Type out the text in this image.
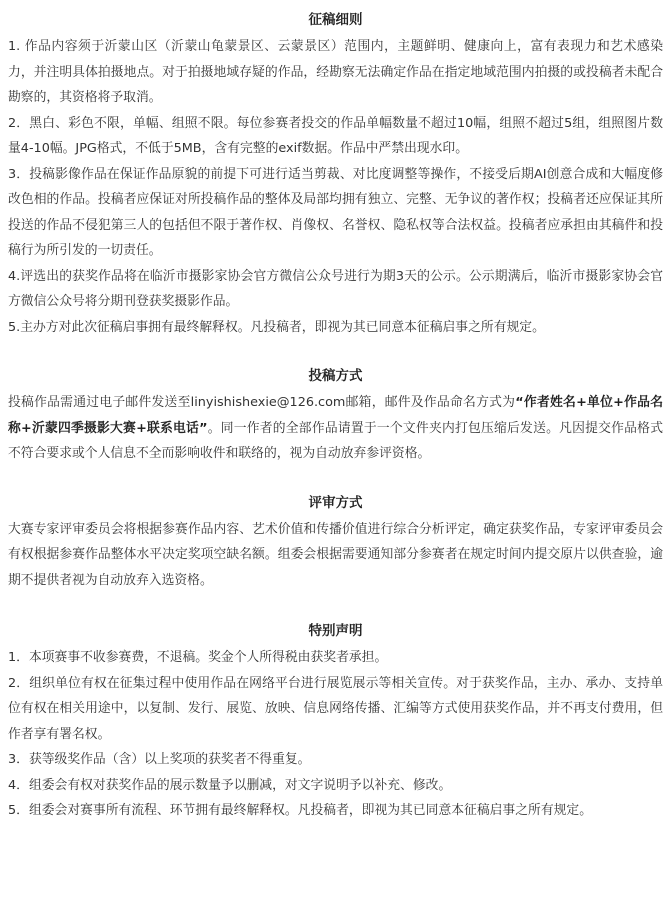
征稿细则

1. 作品内容须于沂蒙山区（沂蒙山龟蒙景区、云蒙景区）范围内，主题鲜明、健康向上，富有表现力和艺术感染力，并注明具体拍摄地点。对于拍摄地域存疑的作品，经勘察无法确定作品在指定地域范围内拍摄的或投稿者未配合勘察的，其资格将予取消。

2．黑白、彩色不限，单幅、组照不限。每位参赛者投交的作品单幅数量不超过10幅，组照不超过5组，组照图片数量4-10幅。JPG格式，不低于5MB，含有完整的exif数据。作品中严禁出现水印。

3．投稿影像作品在保证作品原貌的前提下可进行适当剪裁、对比度调整等操作，不接受后期AI创意合成和大幅度修改色相的作品。投稿者应保证对所投稿作品的整体及局部均拥有独立、完整、无争议的著作权；投稿者还应保证其所投送的作品不侵犯第三人的包括但不限于著作权、肖像权、名誉权、隐私权等合法权益。投稿者应承担由其稿件和投稿行为所引发的一切责任。

4.评选出的获奖作品将在临沂市摄影家协会官方微信公众号进行为期3天的公示。公示期满后，临沂市摄影家协会官方微信公众号将分期刊登获奖摄影作品。

5.主办方对此次征稿启事拥有最终解释权。凡投稿者，即视为其已同意本征稿启事之所有规定。

投稿方式

投稿作品需通过电子邮件发送至linyishishexie@126.com邮箱，邮件及作品命名方式为“作者姓名+单位+作品名称+沂蒙四季摄影大赛+联系电话”。同一作者的全部作品请置于一个文件夹内打包压缩后发送。凡因提交作品格式不符合要求或个人信息不全而影响收件和联络的，视为自动放弃参评资格。

评审方式

大赛专家评审委员会将根据参赛作品内容、艺术价值和传播价值进行综合分析评定，确定获奖作品，专家评审委员会有权根据参赛作品整体水平决定奖项空缺名额。组委会根据需要通知部分参赛者在规定时间内提交原片以供查验，逾期不提供者视为自动放弃入选资格。

特别声明

1．本项赛事不收参赛费，不退稿。奖金个人所得税由获奖者承担。

2．组织单位有权在征集过程中使用作品在网络平台进行展览展示等相关宣传。对于获奖作品，主办、承办、支持单位有权在相关用途中，以复制、发行、展览、放映、信息网络传播、汇编等方式使用获奖作品，并不再支付费用，但作者享有署名权。

3．获等级奖作品（含）以上奖项的获奖者不得重复。

4．组委会有权对获奖作品的展示数量予以删减，对文字说明予以补充、修改。

5．组委会对赛事所有流程、环节拥有最终解释权。凡投稿者，即视为其已同意本征稿启事之所有规定。
